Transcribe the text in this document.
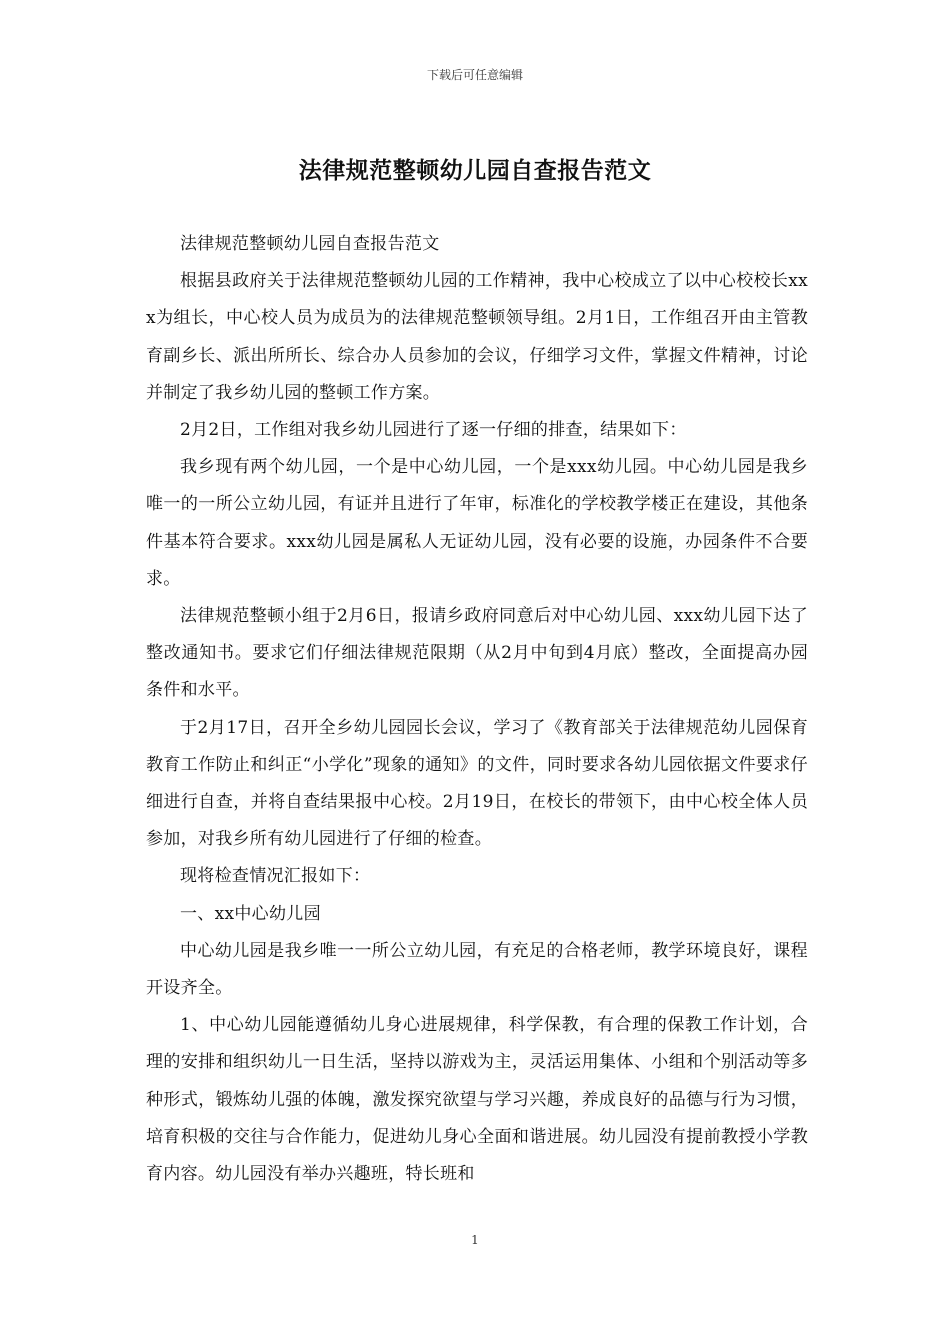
下载后可任意编辑
法律规范整顿幼儿园自查报告范文

法律规范整顿幼儿园自查报告范文

根据县政府关于法律规范整顿幼儿园的工作精神，我中心校成立了以中心校校长xxx为组长，中心校人员为成员为的法律规范整顿领导组。2月1日，工作组召开由主管教育副乡长、派出所所长、综合办人员参加的会议，仔细学习文件，掌握文件精神，讨论并制定了我乡幼儿园的整顿工作方案。

2月2日，工作组对我乡幼儿园进行了逐一仔细的排查，结果如下：

我乡现有两个幼儿园，一个是中心幼儿园，一个是xxx幼儿园。中心幼儿园是我乡唯一的一所公立幼儿园，有证并且进行了年审，标准化的学校教学楼正在建设，其他条件基本符合要求。xxx幼儿园是属私人无证幼儿园，没有必要的设施，办园条件不合要求。

法律规范整顿小组于2月6日，报请乡政府同意后对中心幼儿园、xxx幼儿园下达了整改通知书。要求它们仔细法律规范限期（从2月中旬到4月底）整改，全面提高办园条件和水平。

于2月17日，召开全乡幼儿园园长会议，学习了《教育部关于法律规范幼儿园保育教育工作防止和纠正“小学化”现象的通知》的文件，同时要求各幼儿园依据文件要求仔细进行自查，并将自查结果报中心校。2月19日，在校长的带领下，由中心校全体人员参加，对我乡所有幼儿园进行了仔细的检查。

现将检查情况汇报如下：

一、xx中心幼儿园

中心幼儿园是我乡唯一一所公立幼儿园，有充足的合格老师，教学环境良好，课程开设齐全。

1、中心幼儿园能遵循幼儿身心进展规律，科学保教，有合理的保教工作计划，合理的安排和组织幼儿一日生活，坚持以游戏为主，灵活运用集体、小组和个别活动等多种形式，锻炼幼儿强的体魄，激发探究欲望与学习兴趣，养成良好的品德与行为习惯，培育积极的交往与合作能力，促进幼儿身心全面和谐进展。幼儿园没有提前教授小学教育内容。幼儿园没有举办兴趣班，特长班和

1
